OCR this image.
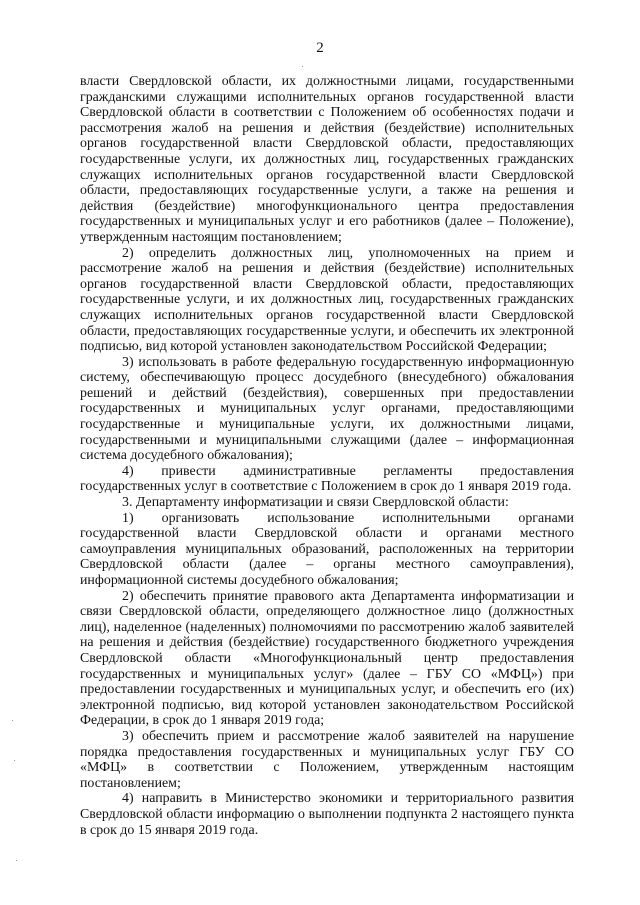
2

власти Свердловской области, их должностными лицами, государственными гражданскими служащими исполнительных органов государственной власти Свердловской области в соответствии с Положением об особенностях подачи и рассмотрения жалоб на решения и действия (бездействие) исполнительных органов государственной власти Свердловской области, предоставляющих государственные услуги, их должностных лиц, государственных гражданских служащих исполнительных органов государственной власти Свердловской области, предоставляющих государственные услуги, а также на решения и действия (бездействие) многофункционального центра предоставления государственных и муниципальных услуг и его работников (далее – Положение), утвержденным настоящим постановлением;

2) определить должностных лиц, уполномоченных на прием и рассмотрение жалоб на решения и действия (бездействие) исполнительных органов государственной власти Свердловской области, предоставляющих государственные услуги, и их должностных лиц, государственных гражданских служащих исполнительных органов государственной власти Свердловской области, предоставляющих государственные услуги, и обеспечить их электронной подписью, вид которой установлен законодательством Российской Федерации;

3) использовать в работе федеральную государственную информационную систему, обеспечивающую процесс досудебного (внесудебного) обжалования решений и действий (бездействия), совершенных при предоставлении государственных и муниципальных услуг органами, предоставляющими государственные и муниципальные услуги, их должностными лицами, государственными и муниципальными служащими (далее – информационная система досудебного обжалования);

4) привести административные регламенты предоставления государственных услуг в соответствие с Положением в срок до 1 января 2019 года.

3. Департаменту информатизации и связи Свердловской области:

1) организовать использование исполнительными органами государственной власти Свердловской области и органами местного самоуправления муниципальных образований, расположенных на территории Свердловской области (далее – органы местного самоуправления), информационной системы досудебного обжалования;

2) обеспечить принятие правового акта Департамента информатизации и связи Свердловской области, определяющего должностное лицо (должностных лиц), наделенное (наделенных) полномочиями по рассмотрению жалоб заявителей на решения и действия (бездействие) государственного бюджетного учреждения Свердловской области «Многофункциональный центр предоставления государственных и муниципальных услуг» (далее – ГБУ СО «МФЦ») при предоставлении государственных и муниципальных услуг, и обеспечить его (их) электронной подписью, вид которой установлен законодательством Российской Федерации, в срок до 1 января 2019 года;

3) обеспечить прием и рассмотрение жалоб заявителей на нарушение порядка предоставления государственных и муниципальных услуг ГБУ СО «МФЦ» в соответствии с Положением, утвержденным настоящим постановлением;

4) направить в Министерство экономики и территориального развития Свердловской области информацию о выполнении подпункта 2 настоящего пункта в срок до 15 января 2019 года.
